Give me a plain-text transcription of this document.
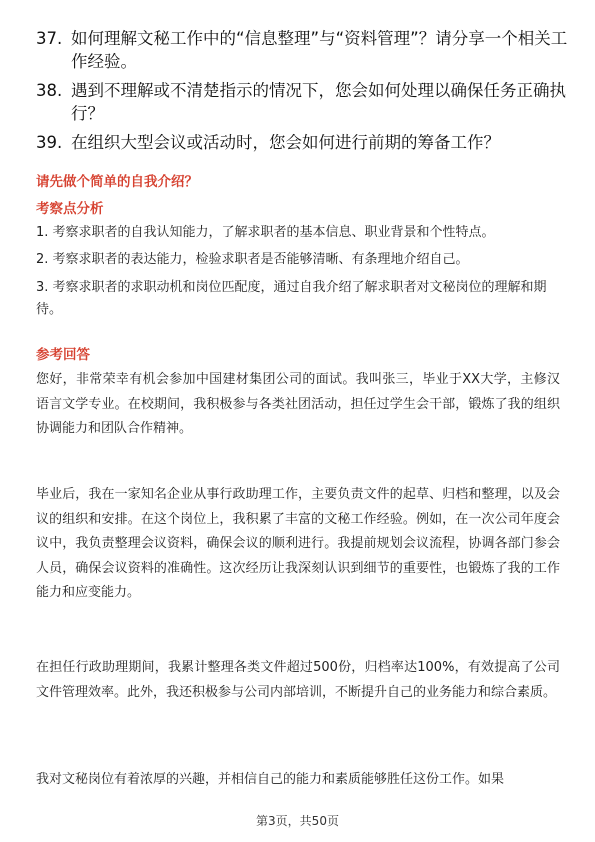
37. 如何理解文秘工作中的“信息整理”与“资料管理”？请分享一个相关工作经验。
38. 遇到不理解或不清楚指示的情况下，您会如何处理以确保任务正确执行？
39. 在组织大型会议或活动时，您会如何进行前期的筹备工作？
请先做个简单的自我介绍？
考察点分析
1. 考察求职者的自我认知能力，了解求职者的基本信息、职业背景和个性特点。
2. 考察求职者的表达能力，检验求职者是否能够清晰、有条理地介绍自己。
3. 考察求职者的求职动机和岗位匹配度，通过自我介绍了解求职者对文秘岗位的理解和期待。
参考回答
您好，非常荣幸有机会参加中国建材集团公司的面试。我叫张三，毕业于XX大学，主修汉语言文学专业。在校期间，我积极参与各类社团活动，担任过学生会干部，锻炼了我的组织协调能力和团队合作精神。
毕业后，我在一家知名企业从事行政助理工作，主要负责文件的起草、归档和整理，以及会议的组织和安排。在这个岗位上，我积累了丰富的文秘工作经验。例如，在一次公司年度会议中，我负责整理会议资料，确保会议的顺利进行。我提前规划会议流程，协调各部门参会人员，确保会议资料的准确性。这次经历让我深刻认识到细节的重要性，也锻炼了我的工作能力和应变能力。
在担任行政助理期间，我累计整理各类文件超过500份，归档率达100%，有效提高了公司文件管理效率。此外，我还积极参与公司内部培训，不断提升自己的业务能力和综合素质。
我对文秘岗位有着浓厚的兴趣，并相信自己的能力和素质能够胜任这份工作。如果
第3页，共50页
